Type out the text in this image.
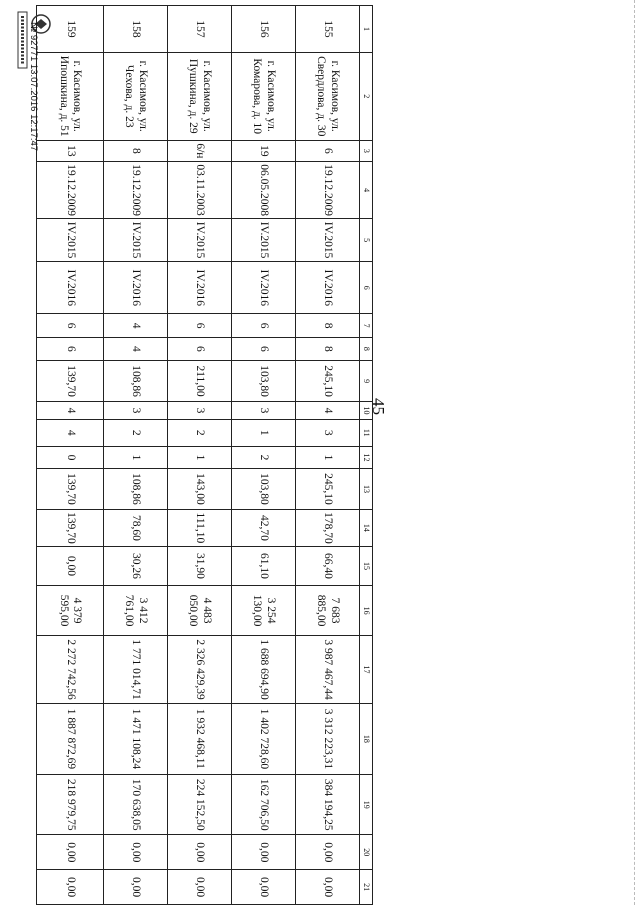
45
1	2	3	4	5	6	7	8	9	10	11	12	13	14	15	16	17	18	19	20	21
155	г. Касимов, ул. Свердлова, д. 30	6	19.12.2009	IV.2015	IV.2016	8	8	245,10	4	3	1	245,10	178,70	66,40	7 683 885,00	3 987 467,44	3 312 223,31	384 194,25	0,00	0,00
156	г. Касимов, ул. Комарова, д. 10	19	06.05.2008	IV.2015	IV.2016	6	6	103,80	3	1	2	103,80	42,70	61,10	3 254 130,00	1 688 694,90	1 402 728,60	162 706,50	0,00	0,00
157	г. Касимов, ул. Пушкина, д. 29	6/н	03.11.2003	IV.2015	IV.2016	6	6	211,00	3	2	1	143,00	111,10	31,90	4 483 050,00	2 326 429,39	1 932 468,11	224 152,50	0,00	0,00
158	г. Касимов, ул. Чехова, д. 23	8	19.12.2009	IV.2015	IV.2016	4	4	108,86	3	2	1	108,86	78,60	30,26	3 412 761,00	1 771 014,71	1 471 108,24	170 638,05	0,00	0,00
159	г. Касимов, ул. Ипошкина, д. 51	13	19.12.2009	IV.2015	IV.2016	6	6	139,70	4	4	0	139,70	139,70	0,00	4 379 595,00	2 272 742,56	1 887 872,69	218 979,75	0,00	0,00
№ 92771 13.07.2016 12:17:47
